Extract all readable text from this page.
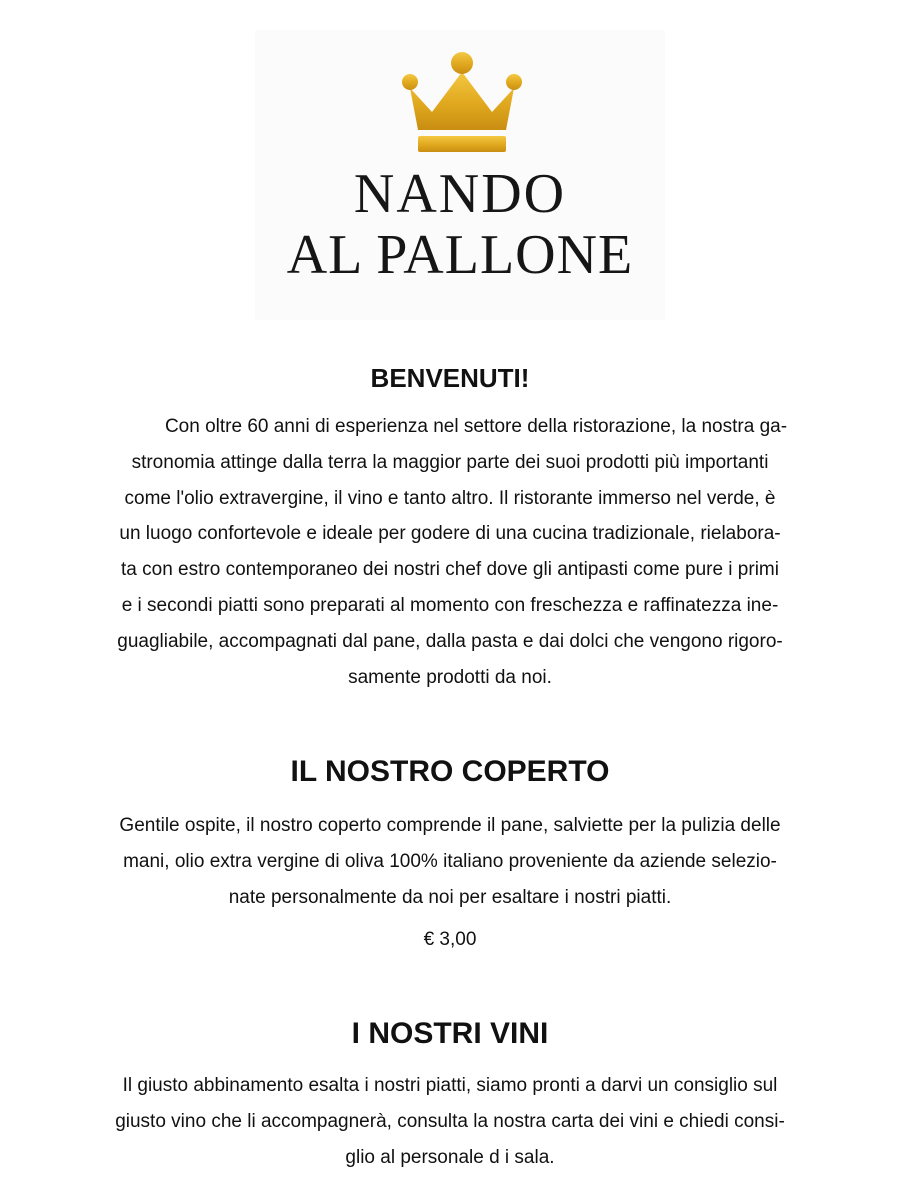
NANDO
AL PALLONE
BENVENUTI!

Con oltre 60 anni di esperienza nel settore della ristorazione, la nostra ga-
stronomia attinge dalla terra la maggior parte dei suoi prodotti più importanti
come l'olio extravergine, il vino e tanto altro. Il ristorante immerso nel verde, è
un luogo confortevole e ideale per godere di una cucina tradizionale, rielabora-
ta con estro contemporaneo dei nostri chef dove gli antipasti come pure i primi
e i secondi piatti sono preparati al momento con freschezza e raffinatezza ine-
guagliabile, accompagnati dal pane, dalla pasta e dai dolci che vengono rigoro-
samente prodotti da noi.

IL NOSTRO COPERTO

Gentile ospite, il nostro coperto comprende il pane, salviette per la pulizia delle
mani, olio extra vergine di oliva 100% italiano proveniente da aziende selezio-
nate personalmente da noi per esaltare i nostri piatti.

€ 3,00
I NOSTRI VINI

Il giusto abbinamento esalta i nostri piatti, siamo pronti a darvi un consiglio sul
giusto vino che li accompagnerà, consulta la nostra carta dei vini e chiedi consi-
glio al personale d i sala.
